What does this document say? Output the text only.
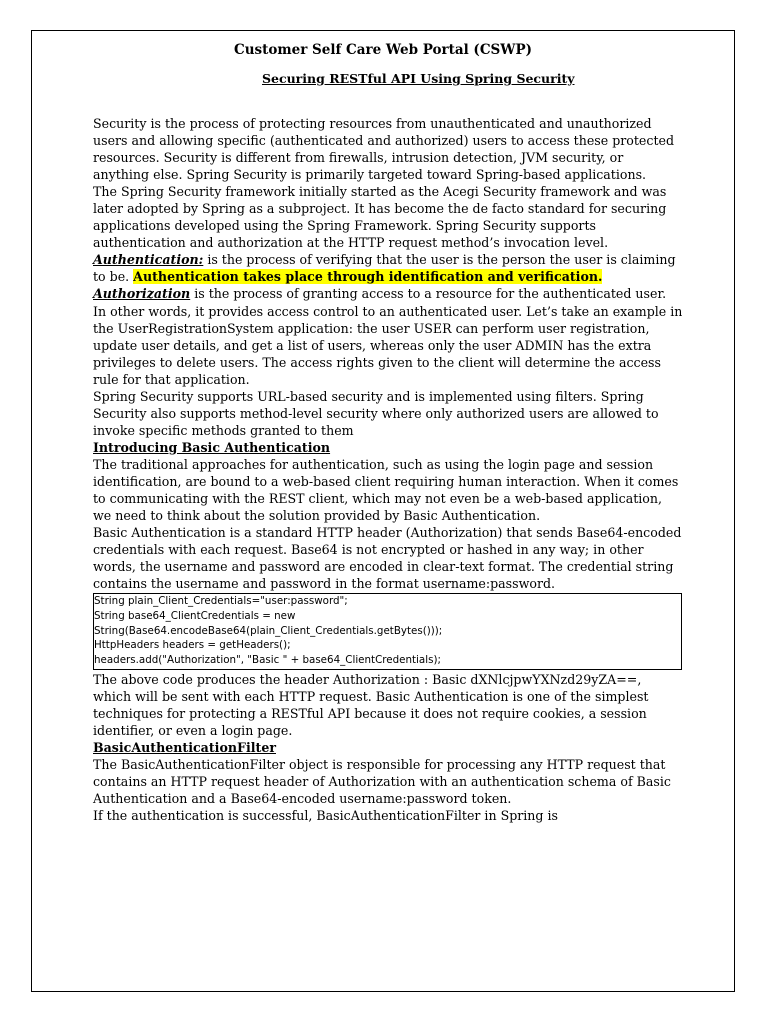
Customer Self Care Web Portal (CSWP)
Securing RESTful API Using Spring Security

Security is the process of protecting resources from unauthenticated and unauthorized users and allowing specific (authenticated and authorized) users to access these protected resources. Security is different from firewalls, intrusion detection, JVM security, or anything else. Spring Security is primarily targeted toward Spring-based applications.

The Spring Security framework initially started as the Acegi Security framework and was later adopted by Spring as a subproject. It has become the de facto standard for securing applications developed using the Spring Framework. Spring Security supports authentication and authorization at the HTTP request method’s invocation level.

Authentication: is the process of verifying that the user is the person the user is claiming to be. Authentication takes place through identification and verification.

Authorization is the process of granting access to a resource for the authenticated user. In other words, it provides access control to an authenticated user. Let’s take an example in the UserRegistrationSystem application: the user USER can perform user registration, update user details, and get a list of users, whereas only the user ADMIN has the extra privileges to delete users. The access rights given to the client will determine the access rule for that application.

Spring Security supports URL-based security and is implemented using filters. Spring Security also supports method-level security where only authorized users are allowed to invoke specific methods granted to them

Introducing Basic Authentication

The traditional approaches for authentication, such as using the login page and session identification, are bound to a web-based client requiring human interaction. When it comes to communicating with the REST client, which may not even be a web-based application, we need to think about the solution provided by Basic Authentication.

Basic Authentication is a standard HTTP header (Authorization) that sends Base64-encoded credentials with each request. Base64 is not encrypted or hashed in any way; in other words, the username and password are encoded in clear-text format. The credential string contains the username and password in the format username:password.

String plain_Client_Credentials="user:password";
String base64_ClientCredentials = new
String(Base64.encodeBase64(plain_Client_Credentials.getBytes()));
HttpHeaders headers = getHeaders();
headers.add("Authorization", "Basic " + base64_ClientCredentials);

The above code produces the header Authorization : Basic dXNlcjpwYXNzd29yZA==, which will be sent with each HTTP request. Basic Authentication is one of the simplest techniques for protecting a RESTful API because it does not require cookies, a session identifier, or even a login page.

BasicAuthenticationFilter

The BasicAuthenticationFilter object is responsible for processing any HTTP request that contains an HTTP request header of Authorization with an authentication schema of Basic Authentication and a Base64-encoded username:password token.

If the authentication is successful, BasicAuthenticationFilter in Spring is
